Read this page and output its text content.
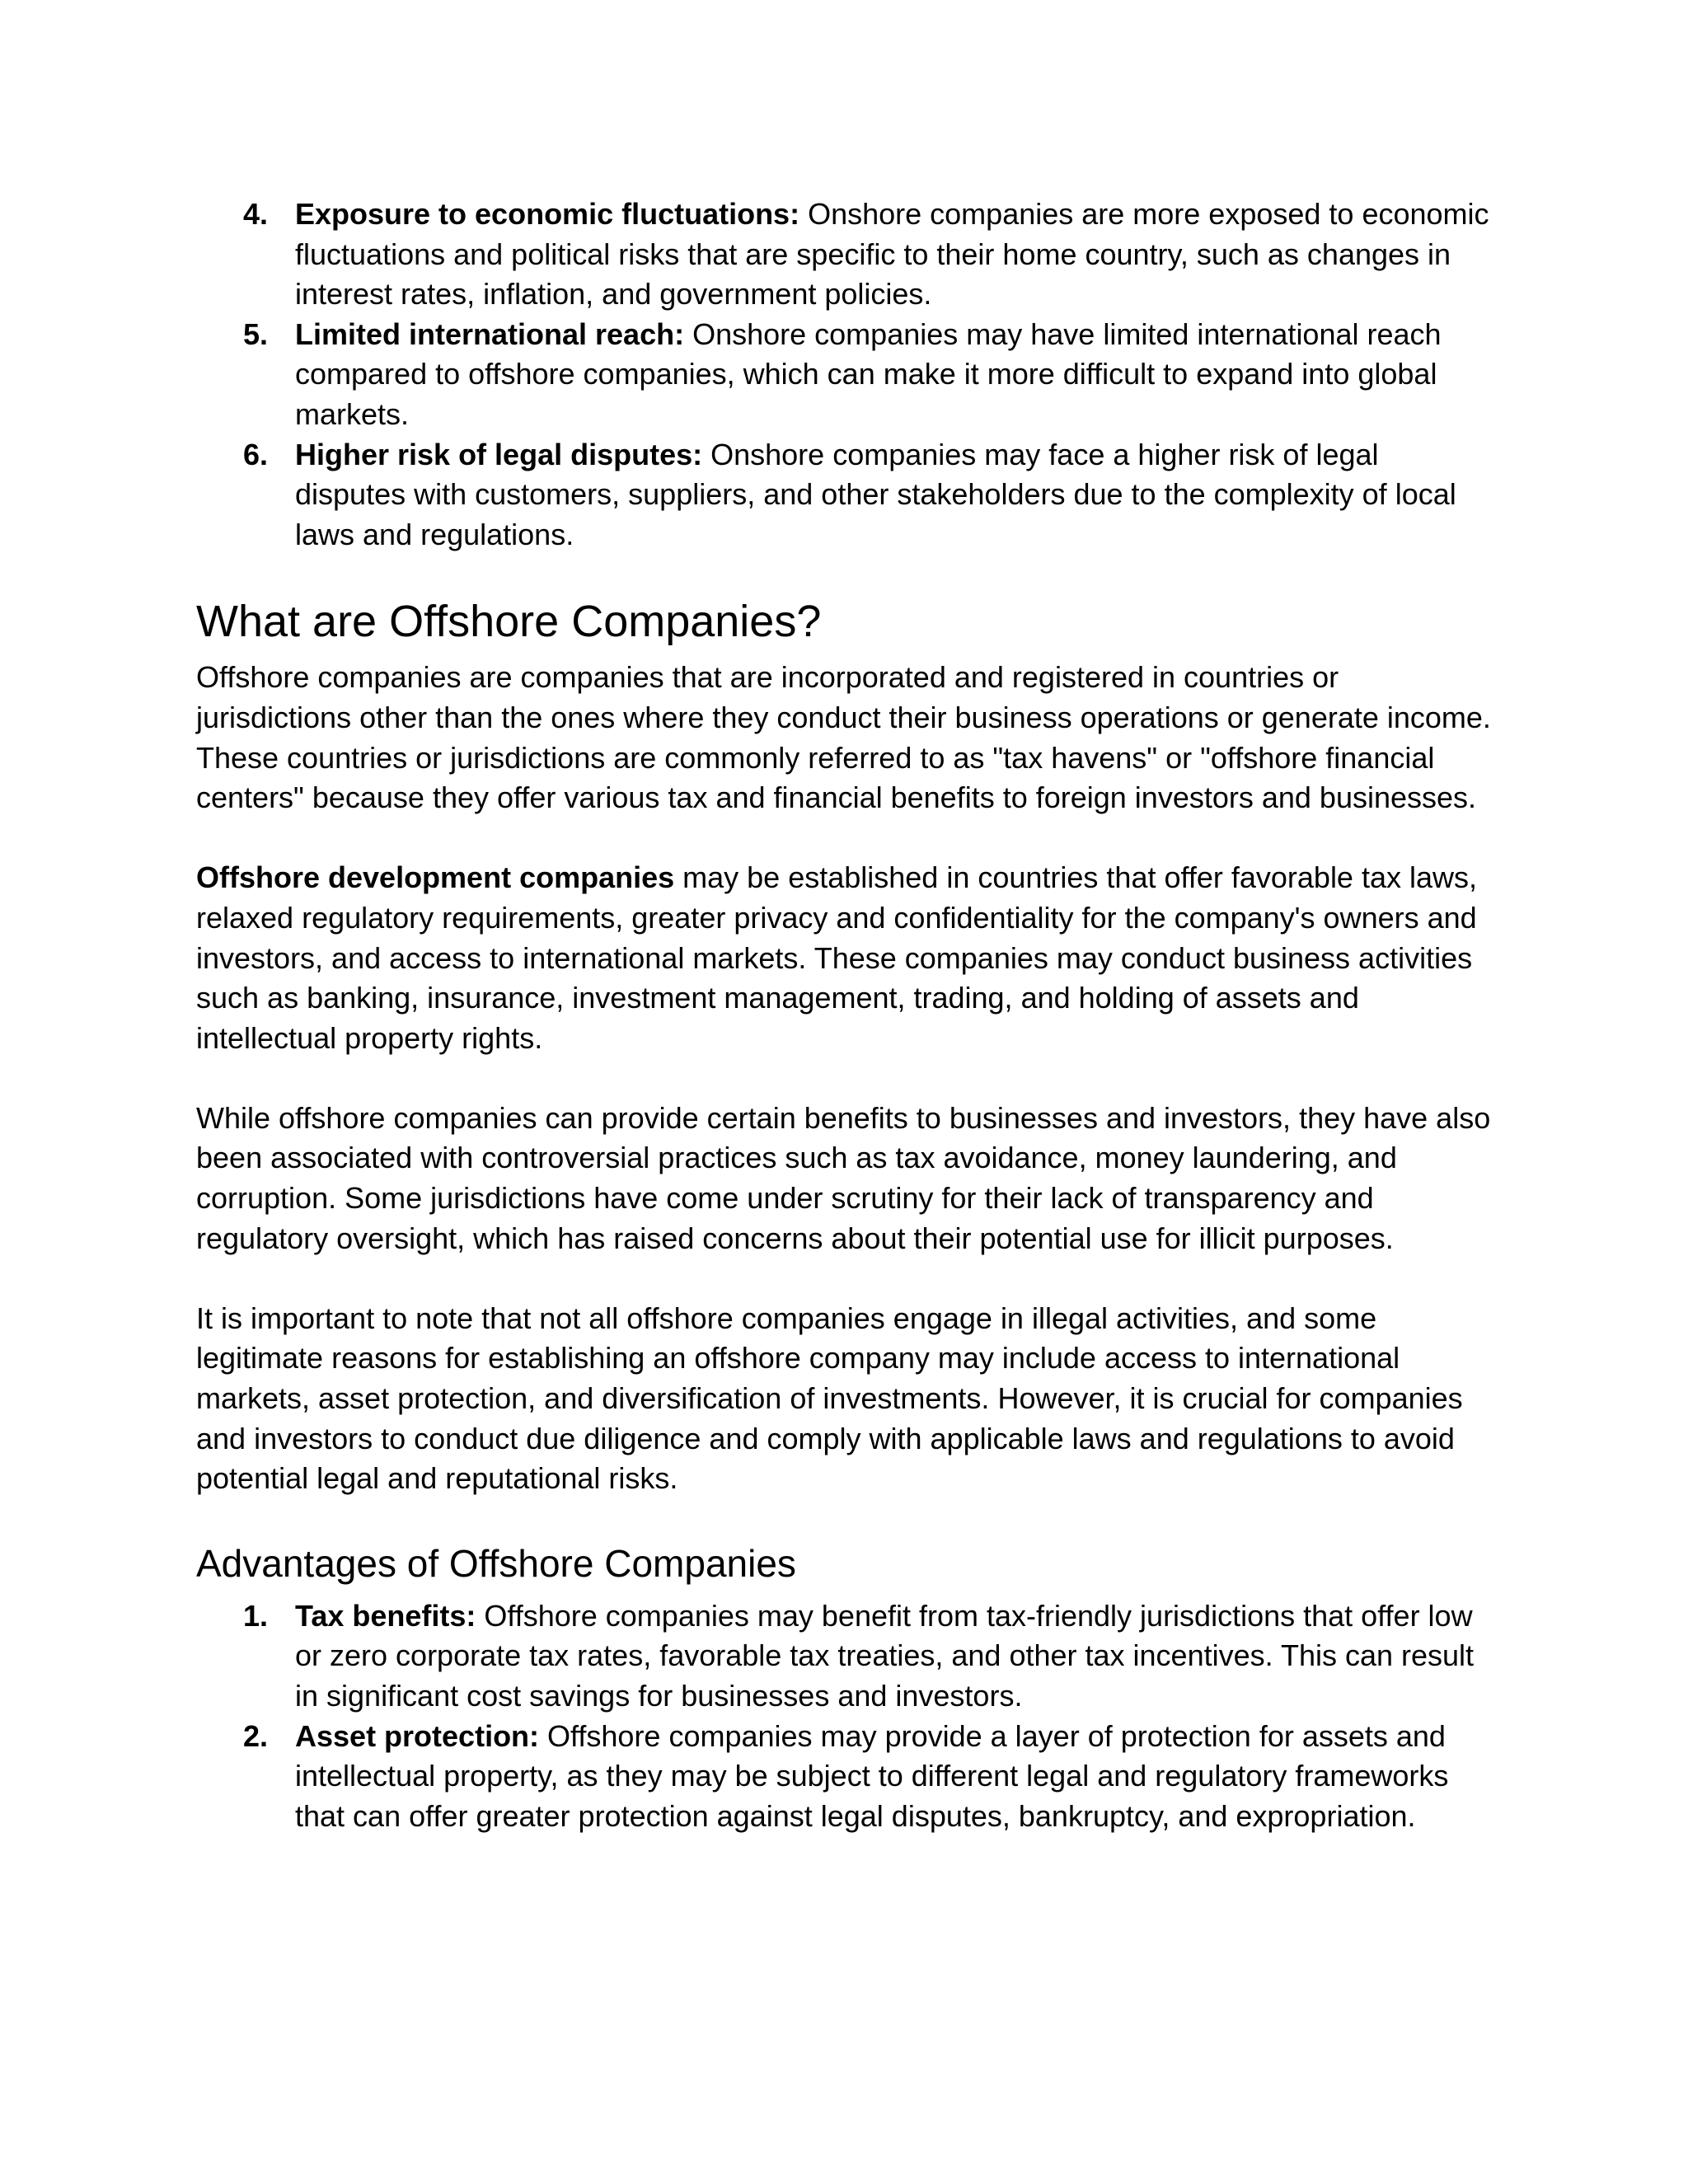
4. Exposure to economic fluctuations: Onshore companies are more exposed to economic fluctuations and political risks that are specific to their home country, such as changes in interest rates, inflation, and government policies.
5. Limited international reach: Onshore companies may have limited international reach compared to offshore companies, which can make it more difficult to expand into global markets.
6. Higher risk of legal disputes: Onshore companies may face a higher risk of legal disputes with customers, suppliers, and other stakeholders due to the complexity of local laws and regulations.
What are Offshore Companies?

Offshore companies are companies that are incorporated and registered in countries or jurisdictions other than the ones where they conduct their business operations or generate income. These countries or jurisdictions are commonly referred to as "tax havens" or "offshore financial centers" because they offer various tax and financial benefits to foreign investors and businesses.

Offshore development companies may be established in countries that offer favorable tax laws, relaxed regulatory requirements, greater privacy and confidentiality for the company's owners and investors, and access to international markets. These companies may conduct business activities such as banking, insurance, investment management, trading, and holding of assets and intellectual property rights.

While offshore companies can provide certain benefits to businesses and investors, they have also been associated with controversial practices such as tax avoidance, money laundering, and corruption. Some jurisdictions have come under scrutiny for their lack of transparency and regulatory oversight, which has raised concerns about their potential use for illicit purposes.

It is important to note that not all offshore companies engage in illegal activities, and some legitimate reasons for establishing an offshore company may include access to international markets, asset protection, and diversification of investments. However, it is crucial for companies and investors to conduct due diligence and comply with applicable laws and regulations to avoid potential legal and reputational risks.

Advantages of Offshore Companies
1. Tax benefits: Offshore companies may benefit from tax-friendly jurisdictions that offer low or zero corporate tax rates, favorable tax treaties, and other tax incentives. This can result in significant cost savings for businesses and investors.
2. Asset protection: Offshore companies may provide a layer of protection for assets and intellectual property, as they may be subject to different legal and regulatory frameworks that can offer greater protection against legal disputes, bankruptcy, and expropriation.
